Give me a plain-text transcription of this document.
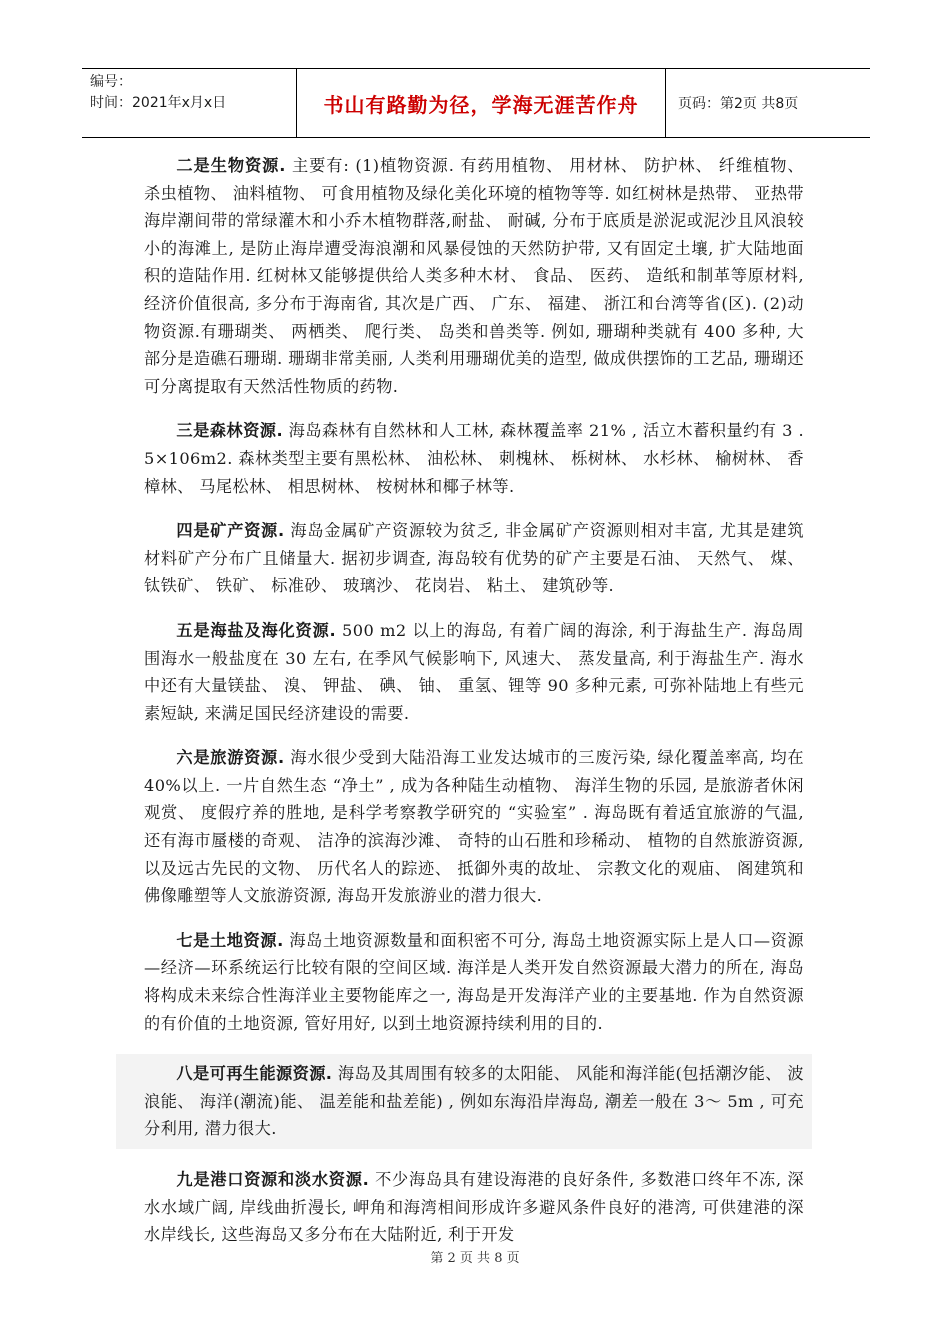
编号：
时间：2021年x月x日	书山有路勤为径，学海无涯苦作舟	页码：第2页 共8页

二是生物资源. 主要有: (1)植物资源. 有药用植物、 用材林、 防护林、 纤维植物、 杀虫植物、 油料植物、 可食用植物及绿化美化环境的植物等等. 如红树林是热带、 亚热带海岸潮间带的常绿灌木和小乔木植物群落,耐盐、 耐碱, 分布于底质是淤泥或泥沙且风浪较小的海滩上, 是防止海岸遭受海浪潮和风暴侵蚀的天然防护带, 又有固定土壤, 扩大陆地面积的造陆作用. 红树林又能够提供给人类多种木材、 食品、 医药、 造纸和制革等原材料, 经济价值很高, 多分布于海南省, 其次是广西、 广东、 福建、 浙江和台湾等省(区). (2)动物资源.有珊瑚类、 两栖类、 爬行类、 岛类和兽类等. 例如, 珊瑚种类就有 400 多种, 大部分是造礁石珊瑚. 珊瑚非常美丽, 人类利用珊瑚优美的造型, 做成供摆饰的工艺品, 珊瑚还可分离提取有天然活性物质的药物.

三是森林资源. 海岛森林有自然林和人工林, 森林覆盖率 21% , 活立木蓄积量约有 3 . 5×106m2. 森林类型主要有黑松林、 油松林、 刺槐林、 栎树林、 水杉林、 榆树林、 香樟林、 马尾松林、 相思树林、 桉树林和椰子林等.

四是矿产资源. 海岛金属矿产资源较为贫乏, 非金属矿产资源则相对丰富, 尤其是建筑材料矿产分布广且储量大. 据初步调查, 海岛较有优势的矿产主要是石油、 天然气、 煤、 钛铁矿、 铁矿、 标准砂、 玻璃沙、 花岗岩、 粘土、 建筑砂等.

五是海盐及海化资源. 500 m2 以上的海岛, 有着广阔的海涂, 利于海盐生产. 海岛周围海水一般盐度在 30 左右, 在季风气候影响下, 风速大、 蒸发量高, 利于海盐生产. 海水中还有大量镁盐、 溴、 钾盐、 碘、 铀、 重氢、锂等 90 多种元素, 可弥补陆地上有些元素短缺, 来满足国民经济建设的需要.

六是旅游资源. 海水很少受到大陆沿海工业发达城市的三废污染, 绿化覆盖率高, 均在 40%以上. 一片自然生态 “净土” , 成为各种陆生动植物、 海洋生物的乐园, 是旅游者休闲观赏、 度假疗养的胜地, 是科学考察教学研究的 “实验室” . 海岛既有着适宜旅游的气温, 还有海市蜃楼的奇观、 洁净的滨海沙滩、 奇特的山石胜和珍稀动、 植物的自然旅游资源, 以及远古先民的文物、 历代名人的踪迹、 抵御外夷的故址、 宗教文化的观庙、 阁建筑和佛像雕塑等人文旅游资源, 海岛开发旅游业的潜力很大.

七是土地资源. 海岛土地资源数量和面积密不可分, 海岛土地资源实际上是人口—资源—经济—环系统运行比较有限的空间区域. 海洋是人类开发自然资源最大潜力的所在, 海岛将构成未来综合性海洋业主要物能库之一, 海岛是开发海洋产业的主要基地. 作为自然资源的有价值的土地资源, 管好用好, 以到土地资源持续利用的目的.

八是可再生能源资源. 海岛及其周围有较多的太阳能、 风能和海洋能(包括潮汐能、 波浪能、 海洋(潮流)能、 温差能和盐差能) , 例如东海沿岸海岛, 潮差一般在 3～ 5m , 可充分利用, 潜力很大.

九是港口资源和淡水资源. 不少海岛具有建设海港的良好条件, 多数港口终年不冻, 深水水域广阔, 岸线曲折漫长, 岬角和海湾相间形成许多避风条件良好的港湾, 可供建港的深水岸线长, 这些海岛又多分布在大陆附近, 利于开发

第 2 页 共 8 页
